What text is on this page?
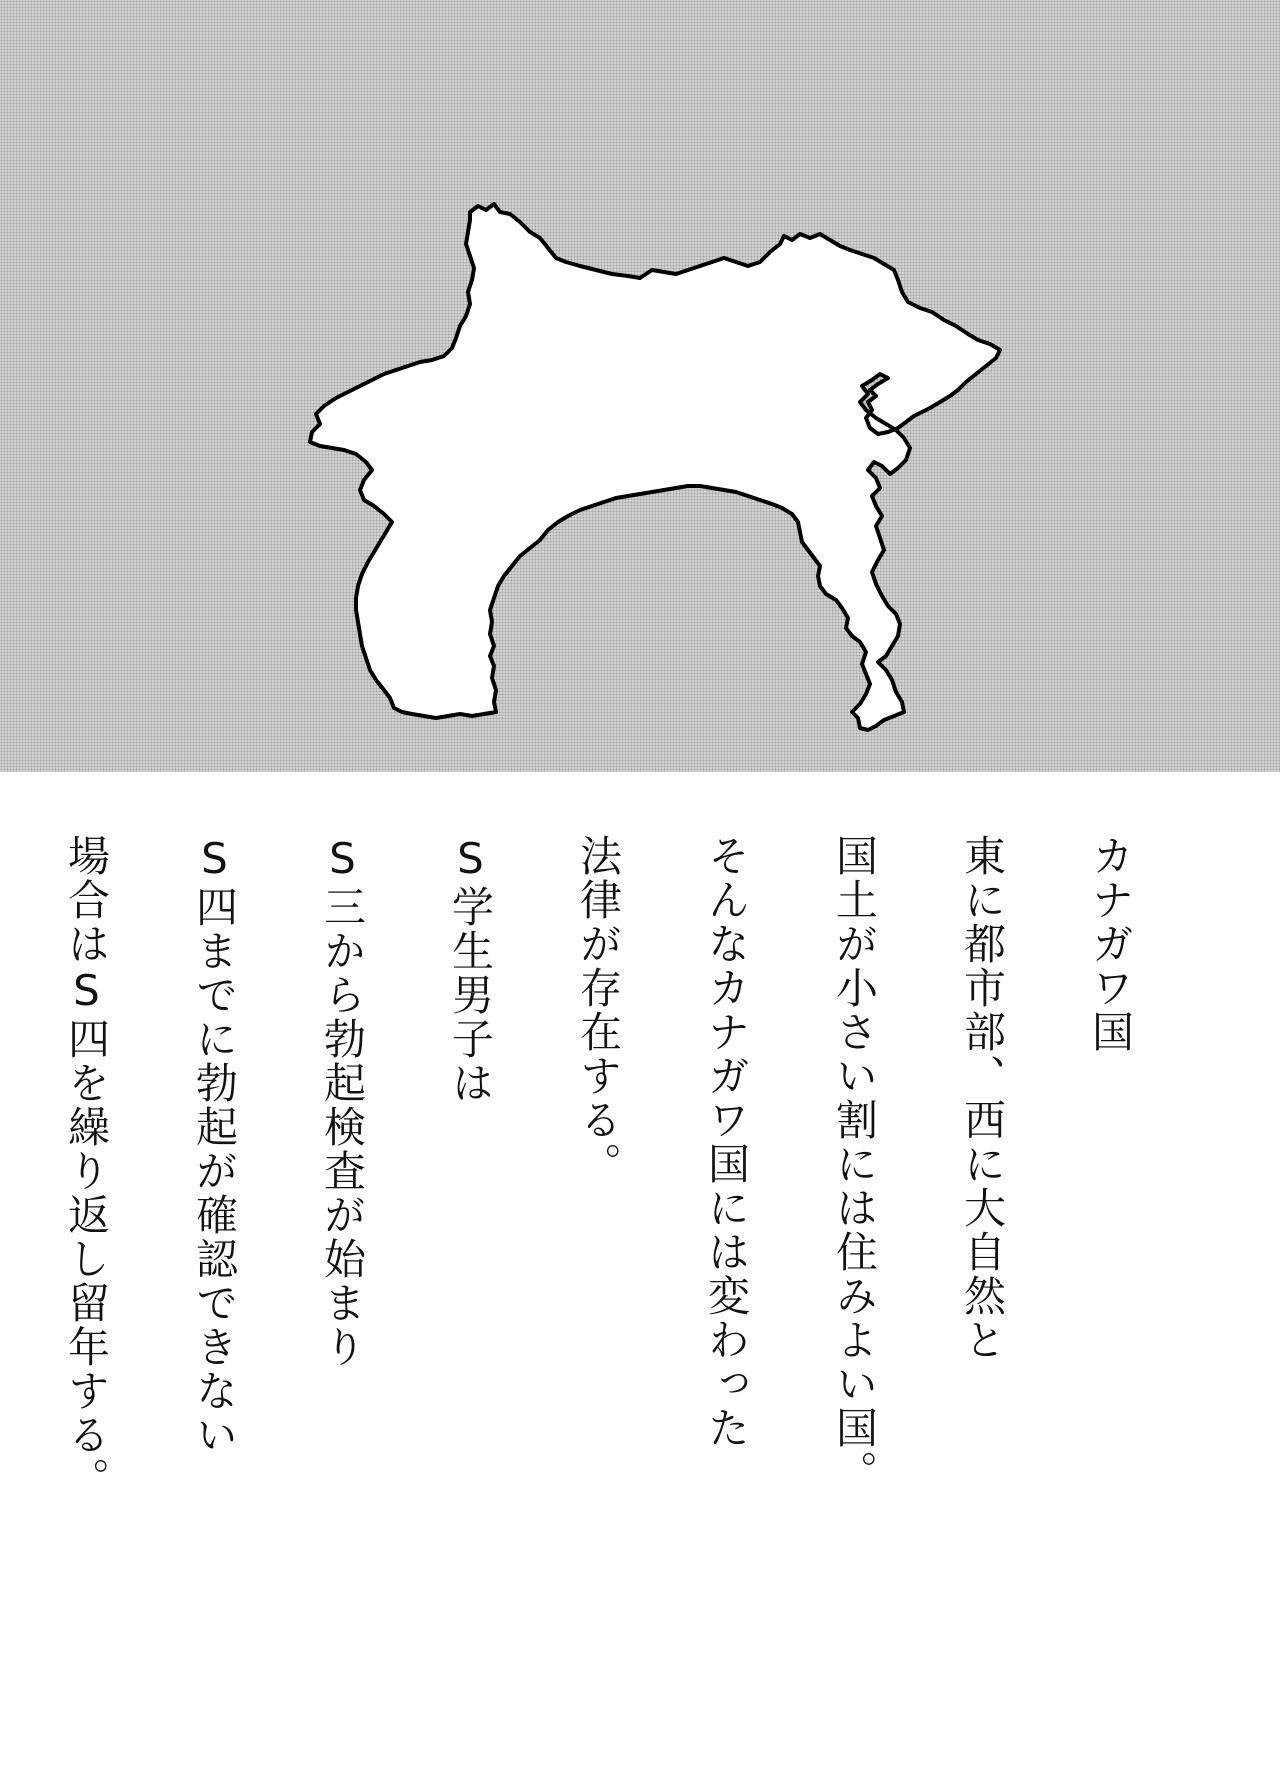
カナガワ国
東に都市部、西に大自然と
国土が小さい割には住みよい国。
そんなカナガワ国には変わった
法律が存在する。
S学生男子は
S三から勃起検査が始まり
S四までに勃起が確認できない
場合はS四を繰り返し留年する。
